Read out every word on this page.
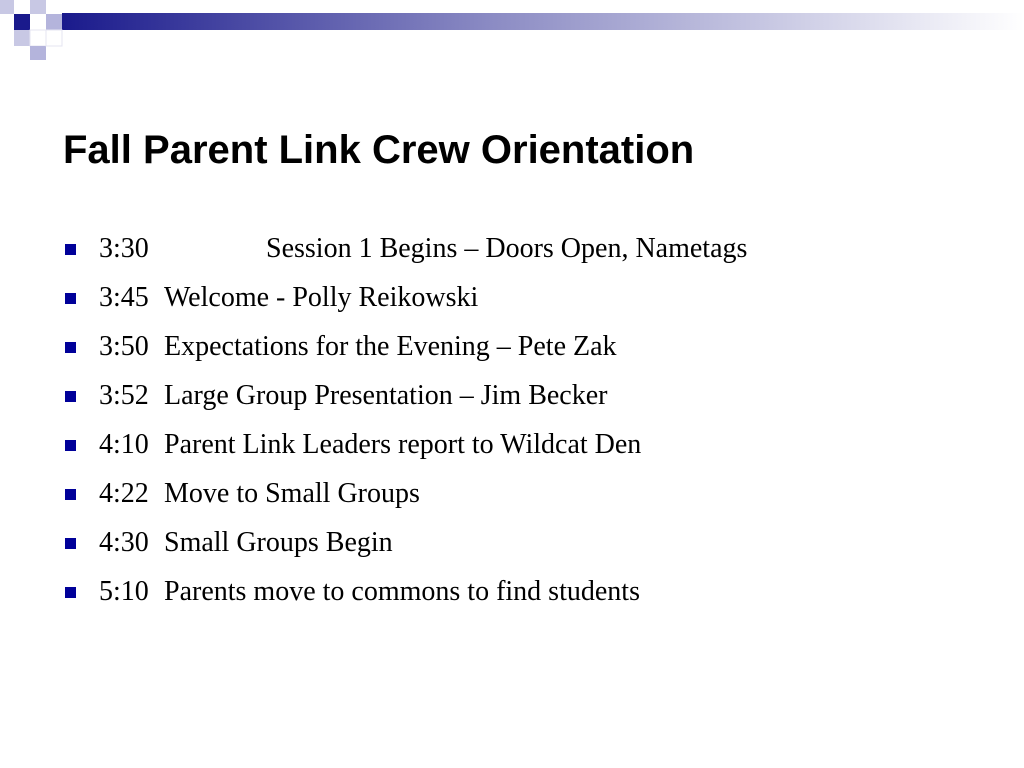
Fall Parent Link Crew Orientation
3:30	Session 1 Begins – Doors Open, Nametags
3:45 Welcome - Polly Reikowski
3:50 Expectations for the Evening – Pete Zak
3:52 Large Group Presentation – Jim Becker
4:10 Parent Link Leaders report to Wildcat Den
4:22 Move to Small Groups
4:30 Small Groups Begin
5:10 Parents move to commons to find students
